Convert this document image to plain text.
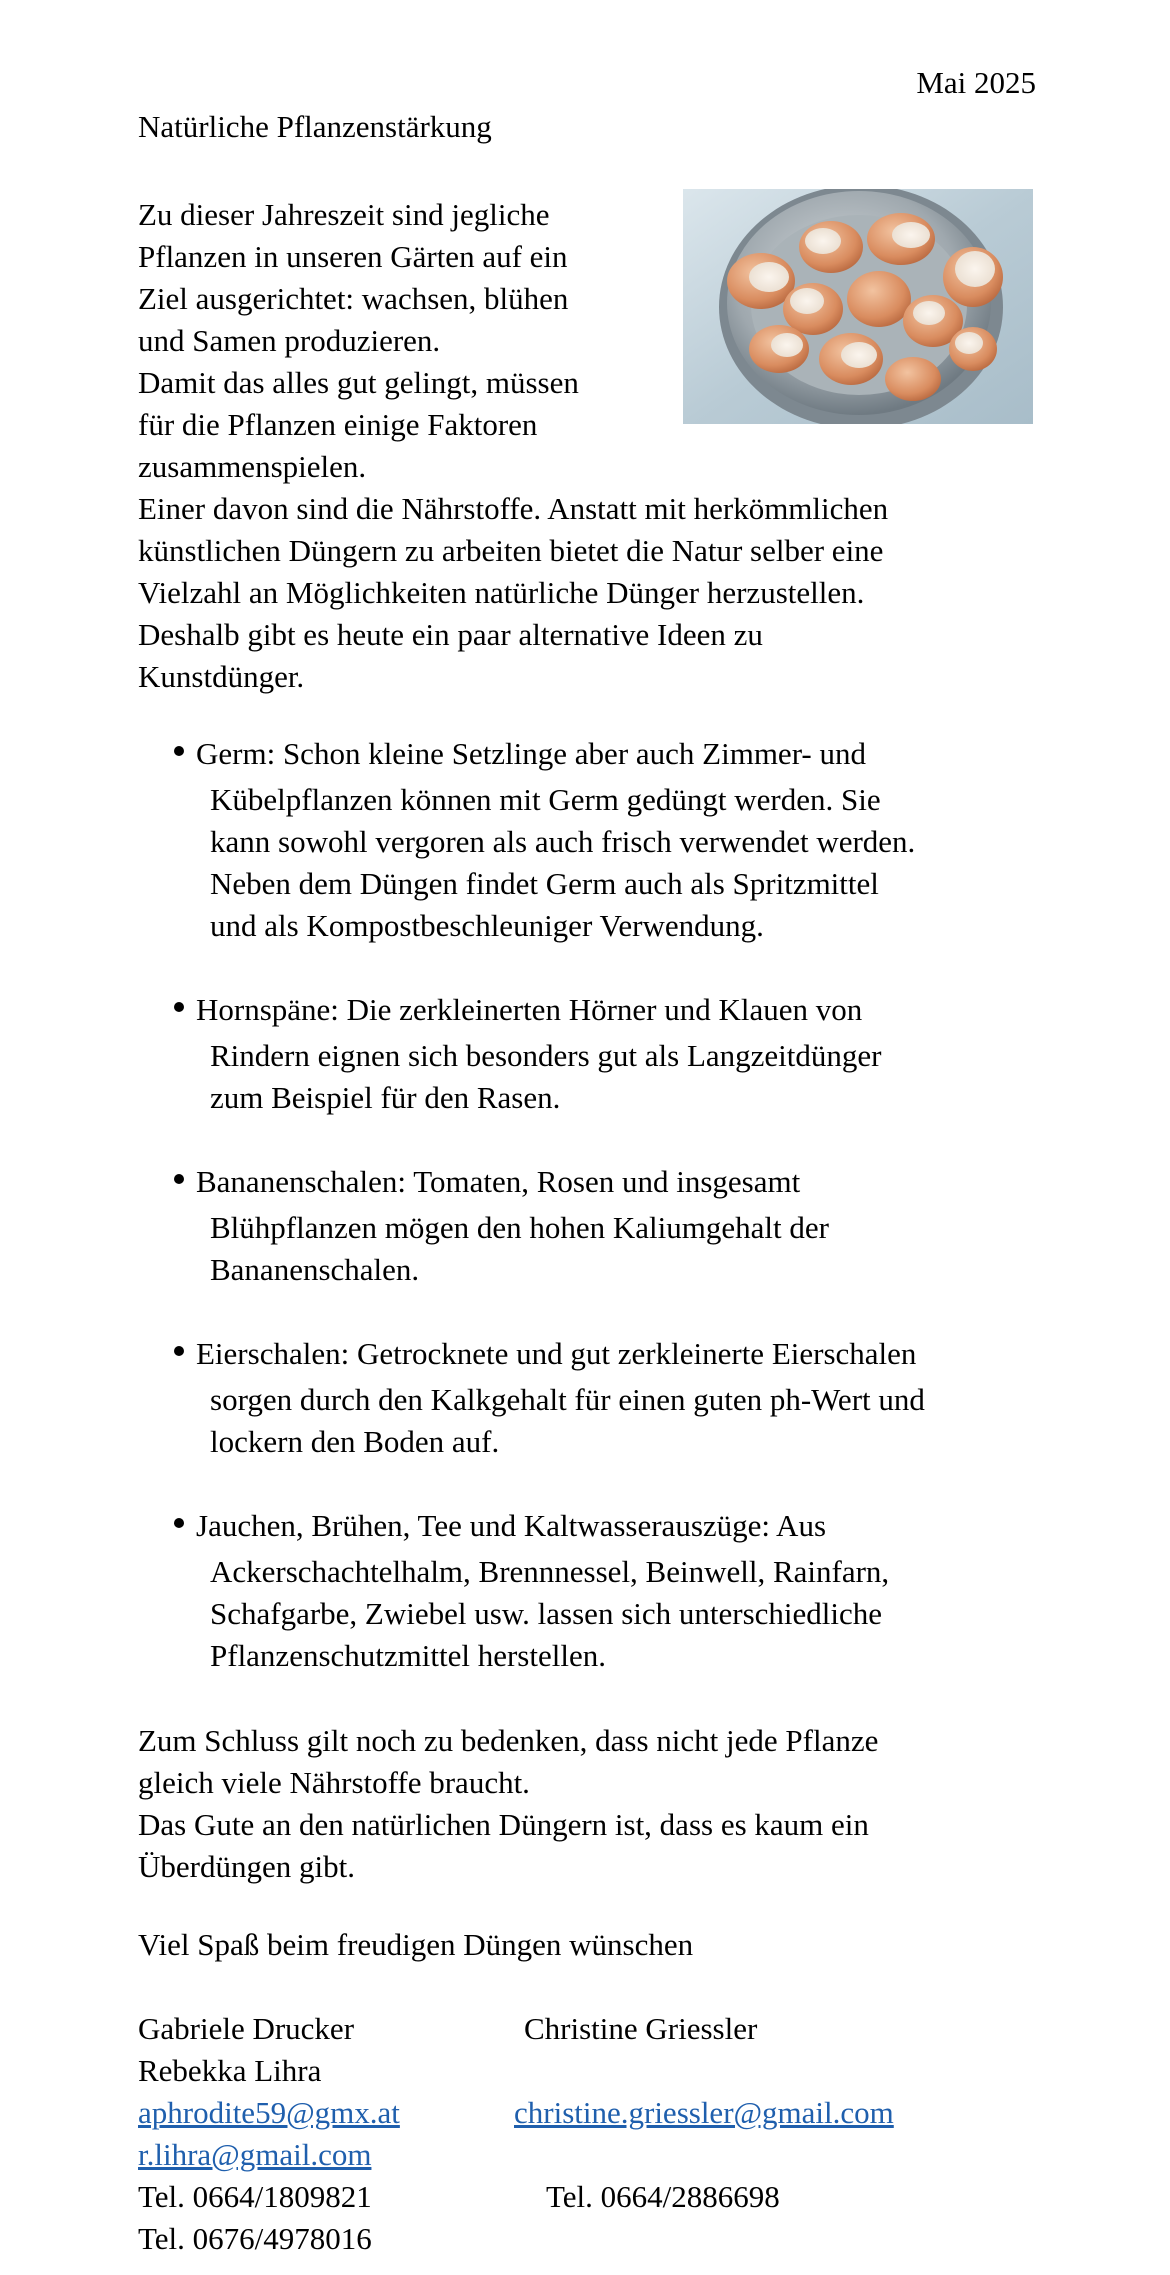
Mai 2025
Natürliche Pflanzenstärkung

Zu dieser Jahreszeit sind jegliche

Pflanzen in unseren Gärten auf ein

Ziel ausgerichtet: wachsen, blühen

und Samen produzieren.

Damit das alles gut gelingt, müssen

für die Pflanzen einige Faktoren

zusammenspielen.

Einer davon sind die Nährstoffe. Anstatt mit herkömmlichen

künstlichen Düngern zu arbeiten bietet die Natur selber eine

Vielzahl an Möglichkeiten natürliche Dünger herzustellen.

Deshalb gibt es heute ein paar alternative Ideen zu

Kunstdünger.

Germ: Schon kleine Setzlinge aber auch Zimmer- und
Kübelpflanzen können mit Germ gedüngt werden. Sie
kann sowohl vergoren als auch frisch verwendet werden.
Neben dem Düngen findet Germ auch als Spritzmittel
und als Kompostbeschleuniger Verwendung.
Hornspäne: Die zerkleinerten Hörner und Klauen von
Rindern eignen sich besonders gut als Langzeitdünger
zum Beispiel für den Rasen.
Bananenschalen: Tomaten, Rosen und insgesamt
Blühpflanzen mögen den hohen Kaliumgehalt der
Bananenschalen.
Eierschalen: Getrocknete und gut zerkleinerte Eierschalen
sorgen durch den Kalkgehalt für einen guten ph-Wert und
lockern den Boden auf.
Jauchen, Brühen, Tee und Kaltwasserauszüge: Aus
Ackerschachtelhalm, Brennnessel, Beinwell, Rainfarn,
Schafgarbe, Zwiebel usw. lassen sich unterschiedliche
Pflanzenschutzmittel herstellen.

Zum Schluss gilt noch zu bedenken, dass nicht jede Pflanze

gleich viele Nährstoffe braucht.

Das Gute an den natürlichen Düngern ist, dass es kaum ein

Überdüngen gibt.

Viel Spaß beim freudigen Düngen wünschen
Gabriele Drucker
Rebekka Lihra
aphrodite59@gmx.at
r.lihra@gmail.com
Tel. 0664/1809821
Tel. 0676/4978016
Christine Griessler
christine.griessler@gmail.com
Tel. 0664/2886698
